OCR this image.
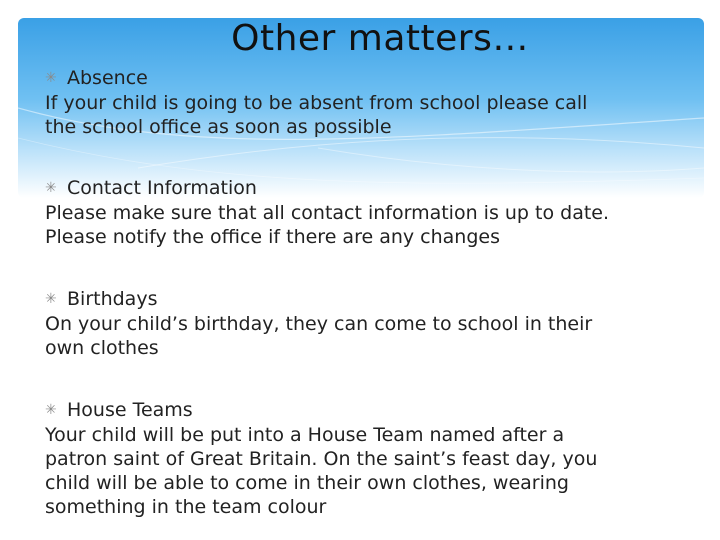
Other matters…

✳ Absence

If your child is going to be absent from school please call
the school office as soon as possible

✳ Contact Information

Please make sure that all contact information is up to date.
Please notify the office if there are any changes

✳ Birthdays

On your child’s birthday, they can come to school in their
own clothes

✳ House Teams

Your child will be put into a House Team named after a
patron saint of Great Britain. On the saint’s feast day, you
child will be able to come in their own clothes, wearing
something in the team colour
